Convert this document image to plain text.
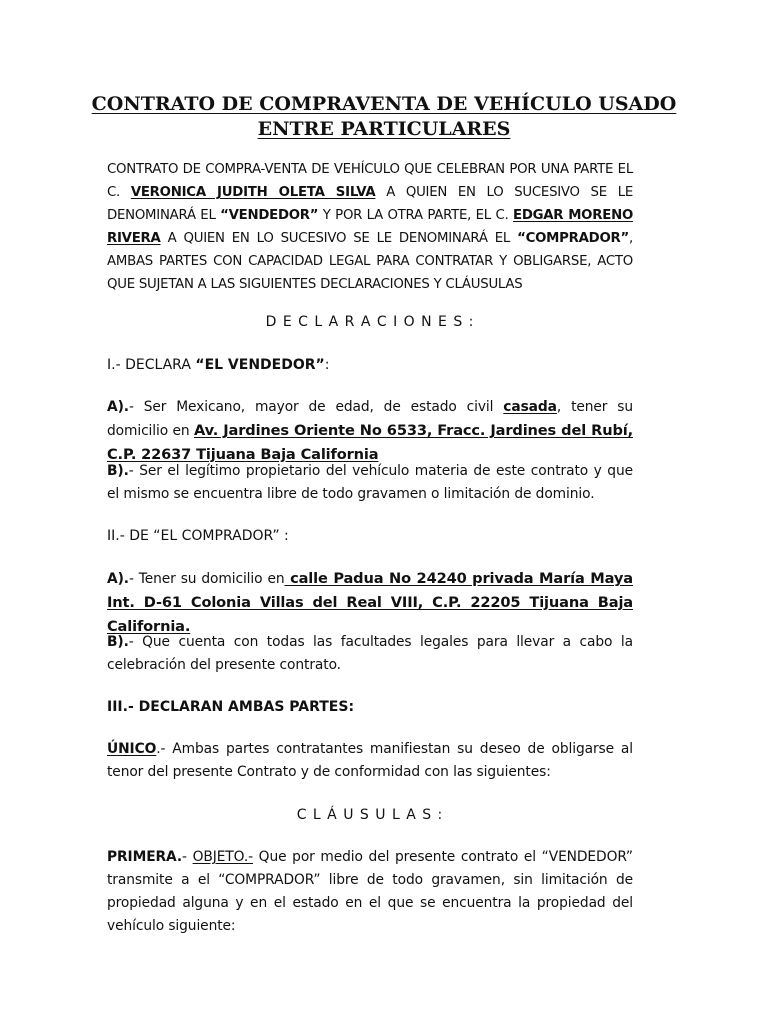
CONTRATO DE COMPRAVENTA DE VEHÍCULO USADO
ENTRE PARTICULARES
CONTRATO DE COMPRA-VENTA DE VEHÍCULO QUE CELEBRAN POR UNA PARTE EL C. VERONICA JUDITH OLETA SILVA A QUIEN EN LO SUCESIVO SE LE DENOMINARÁ EL “VENDEDOR” Y POR LA OTRA PARTE, EL C. EDGAR MORENO RIVERA A QUIEN EN LO SUCESIVO SE LE DENOMINARÁ EL “COMPRADOR”, AMBAS PARTES CON CAPACIDAD LEGAL PARA CONTRATAR Y OBLIGARSE, ACTO QUE SUJETAN A LAS SIGUIENTES DECLARACIONES Y CLÁUSULAS
D E C L A R A C I O N E S :
I.- DECLARA “EL VENDEDOR”:
A).- Ser Mexicano, mayor de edad, de estado civil casada, tener su domicilio en Av. Jardines Oriente No 6533, Fracc. Jardines del Rubí, C.P. 22637 Tijuana Baja California
B).- Ser el legítimo propietario del vehículo materia de este contrato y que el mismo se encuentra libre de todo gravamen o limitación de dominio.
II.- DE “EL COMPRADOR” :
A).- Tener su domicilio en calle Padua No 24240 privada María Maya Int. D-61 Colonia Villas del Real VIII, C.P. 22205 Tijuana Baja California.
B).- Que cuenta con todas las facultades legales para llevar a cabo la celebración del presente contrato.
III.- DECLARAN AMBAS PARTES:
ÚNICO.- Ambas partes contratantes manifiestan su deseo de obligarse al tenor del presente Contrato y de conformidad con las siguientes:
C L Á U S U L A S :
PRIMERA.- OBJETO.- Que por medio del presente contrato el “VENDEDOR” transmite a el “COMPRADOR” libre de todo gravamen, sin limitación de propiedad alguna y en el estado en el que se encuentra la propiedad del vehículo siguiente:
